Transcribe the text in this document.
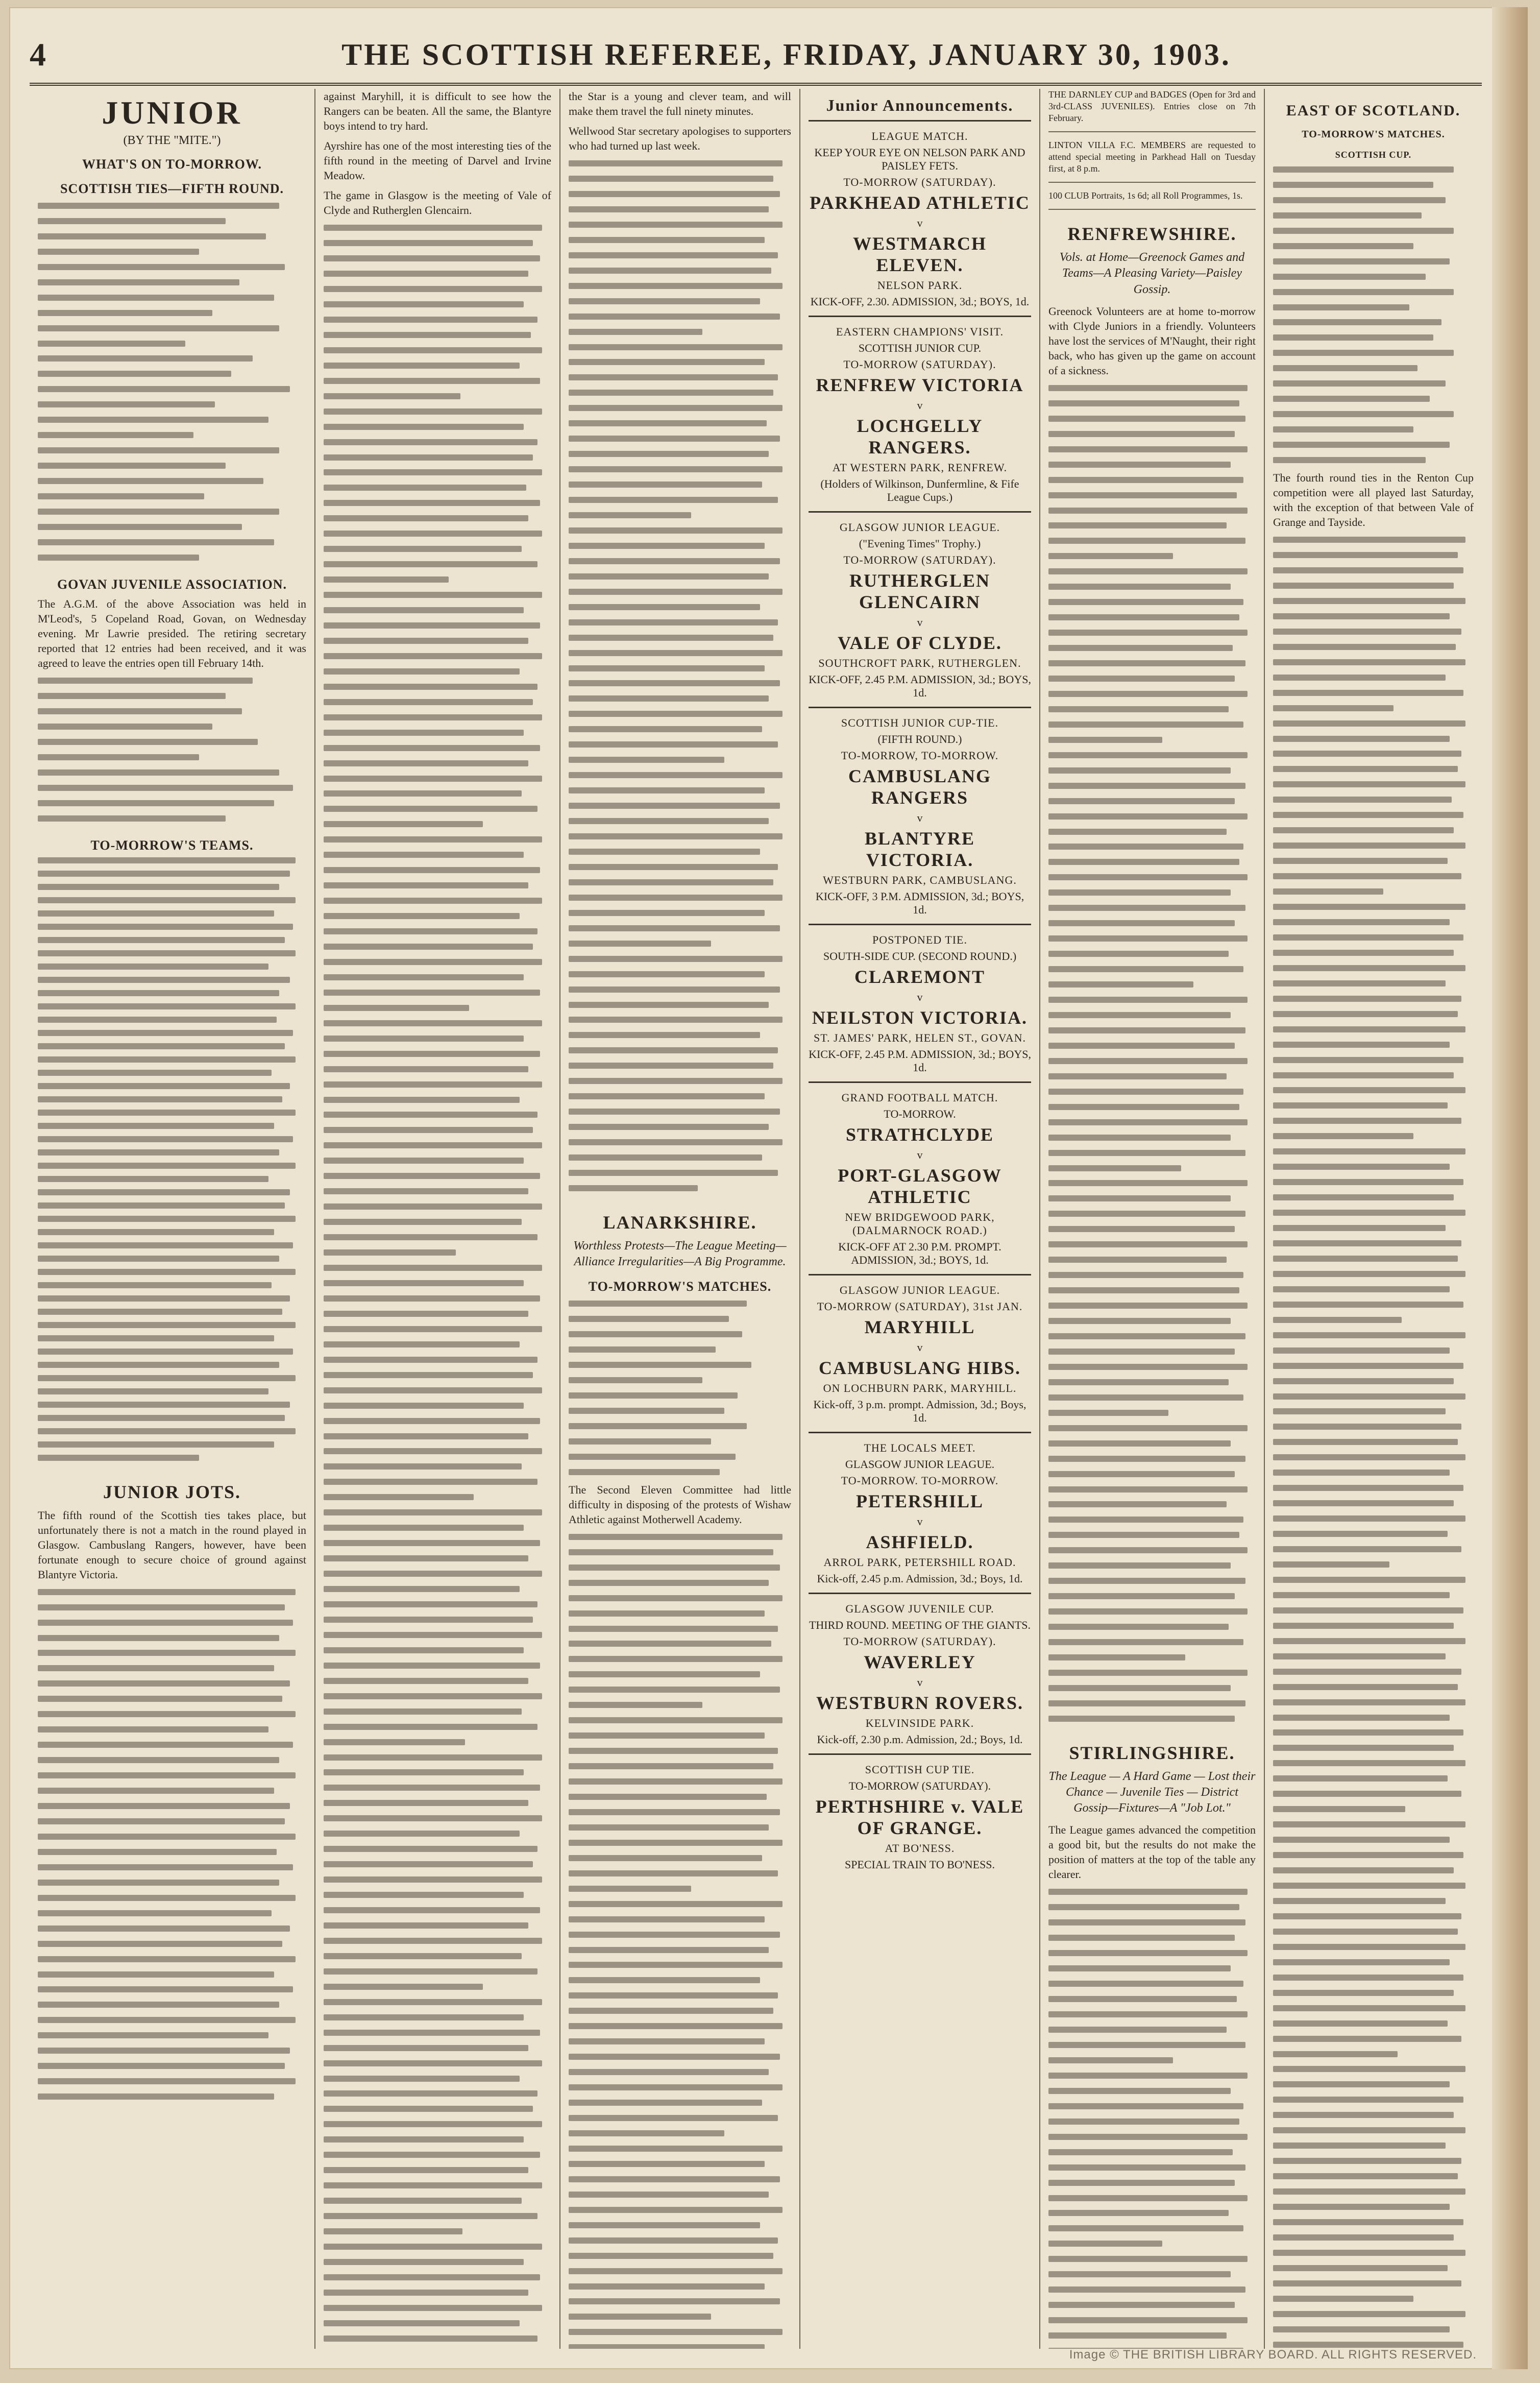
4	THE SCOTTISH REFEREE, FRIDAY, JANUARY 30, 1903.
JUNIOR
(BY THE "MITE.")
WHAT'S ON TO-MORROW.
SCOTTISH TIES—FIFTH ROUND.
GOVAN JUVENILE ASSOCIATION.

The A.G.M. of the above Association was held in M'Leod's, 5 Copeland Road, Govan, on Wednesday evening. Mr Lawrie presided. The retiring secretary reported that 12 entries had been received, and it was agreed to leave the entries open till February 14th.

TO-MORROW'S TEAMS.
JUNIOR JOTS.

The fifth round of the Scottish ties takes place, but unfortunately there is not a match in the round played in Glasgow. Cambuslang Rangers, however, have been fortunate enough to secure choice of ground against Blantyre Victoria.

against Maryhill, it is difficult to see how the Rangers can be beaten. All the same, the Blantyre boys intend to try hard.

Ayrshire has one of the most interesting ties of the fifth round in the meeting of Darvel and Irvine Meadow.

The game in Glasgow is the meeting of Vale of Clyde and Rutherglen Glencairn.

the Star is a young and clever team, and will make them travel the full ninety minutes.

Wellwood Star secretary apologises to supporters who had turned up last week.

LANARKSHIRE.
Worthless Protests—The League Meeting—Alliance Irregularities—A Big Programme.
TO-MORROW'S MATCHES.

The Second Eleven Committee had little difficulty in disposing of the protests of Wishaw Athletic against Motherwell Academy.

Junior Announcements.
LEAGUE MATCH.
KEEP YOUR EYE ON NELSON PARK AND PAISLEY FETS.
TO-MORROW (SATURDAY).
PARKHEAD ATHLETIC
v
WESTMARCH ELEVEN.
NELSON PARK.
KICK-OFF, 2.30. ADMISSION, 3d.; BOYS, 1d.
EASTERN CHAMPIONS' VISIT.
SCOTTISH JUNIOR CUP.
TO-MORROW (SATURDAY).
RENFREW VICTORIA
v
LOCHGELLY RANGERS.
AT WESTERN PARK, RENFREW.
(Holders of Wilkinson, Dunfermline, & Fife League Cups.)
GLASGOW JUNIOR LEAGUE.
("Evening Times" Trophy.)
TO-MORROW (SATURDAY).
RUTHERGLEN GLENCAIRN
v
VALE OF CLYDE.
SOUTHCROFT PARK, RUTHERGLEN.
KICK-OFF, 2.45 P.M. ADMISSION, 3d.; BOYS, 1d.
SCOTTISH JUNIOR CUP-TIE.
(FIFTH ROUND.)
TO-MORROW, TO-MORROW.
CAMBUSLANG RANGERS
v
BLANTYRE VICTORIA.
WESTBURN PARK, CAMBUSLANG.
KICK-OFF, 3 P.M. ADMISSION, 3d.; BOYS, 1d.
POSTPONED TIE.
SOUTH-SIDE CUP. (SECOND ROUND.)
CLAREMONT
v
NEILSTON VICTORIA.
ST. JAMES' PARK, HELEN ST., GOVAN.
KICK-OFF, 2.45 P.M. ADMISSION, 3d.; BOYS, 1d.
GRAND FOOTBALL MATCH.
TO-MORROW.
STRATHCLYDE
v
PORT-GLASGOW ATHLETIC
NEW BRIDGEWOOD PARK, (DALMARNOCK ROAD.)
KICK-OFF AT 2.30 P.M. PROMPT. ADMISSION, 3d.; BOYS, 1d.
GLASGOW JUNIOR LEAGUE.
TO-MORROW (SATURDAY), 31st JAN.
MARYHILL
v
CAMBUSLANG HIBS.
ON LOCHBURN PARK, MARYHILL.
Kick-off, 3 p.m. prompt. Admission, 3d.; Boys, 1d.
THE LOCALS MEET.
GLASGOW JUNIOR LEAGUE.
TO-MORROW. TO-MORROW.
PETERSHILL
v
ASHFIELD.
ARROL PARK, PETERSHILL ROAD.
Kick-off, 2.45 p.m. Admission, 3d.; Boys, 1d.
GLASGOW JUVENILE CUP.
THIRD ROUND. MEETING OF THE GIANTS.
TO-MORROW (SATURDAY).
WAVERLEY
v
WESTBURN ROVERS.
KELVINSIDE PARK.
Kick-off, 2.30 p.m. Admission, 2d.; Boys, 1d.
SCOTTISH CUP TIE.
TO-MORROW (SATURDAY).
PERTHSHIRE v. VALE OF GRANGE.
AT BO'NESS.
SPECIAL TRAIN TO BO'NESS.

THE DARNLEY CUP and BADGES (Open for 3rd and 3rd-CLASS JUVENILES). Entries close on 7th February.

LINTON VILLA F.C. MEMBERS are requested to attend special meeting in Parkhead Hall on Tuesday first, at 8 p.m.

100 CLUB Portraits, 1s 6d; all Roll Programmes, 1s.

RENFREWSHIRE.
Vols. at Home—Greenock Games and Teams—A Pleasing Variety—Paisley Gossip.

Greenock Volunteers are at home to-morrow with Clyde Juniors in a friendly. Volunteers have lost the services of M'Naught, their right back, who has given up the game on account of a sickness.

STIRLINGSHIRE.
The League — A Hard Game — Lost their Chance — Juvenile Ties — District Gossip—Fixtures—A "Job Lot."

The League games advanced the competition a good bit, but the results do not make the position of matters at the top of the table any clearer.

EAST OF SCOTLAND.
TO-MORROW'S MATCHES.
SCOTTISH CUP.

The fourth round ties in the Renton Cup competition were all played last Saturday, with the exception of that between Vale of Grange and Tayside.

Image © THE BRITISH LIBRARY BOARD. ALL RIGHTS RESERVED.
